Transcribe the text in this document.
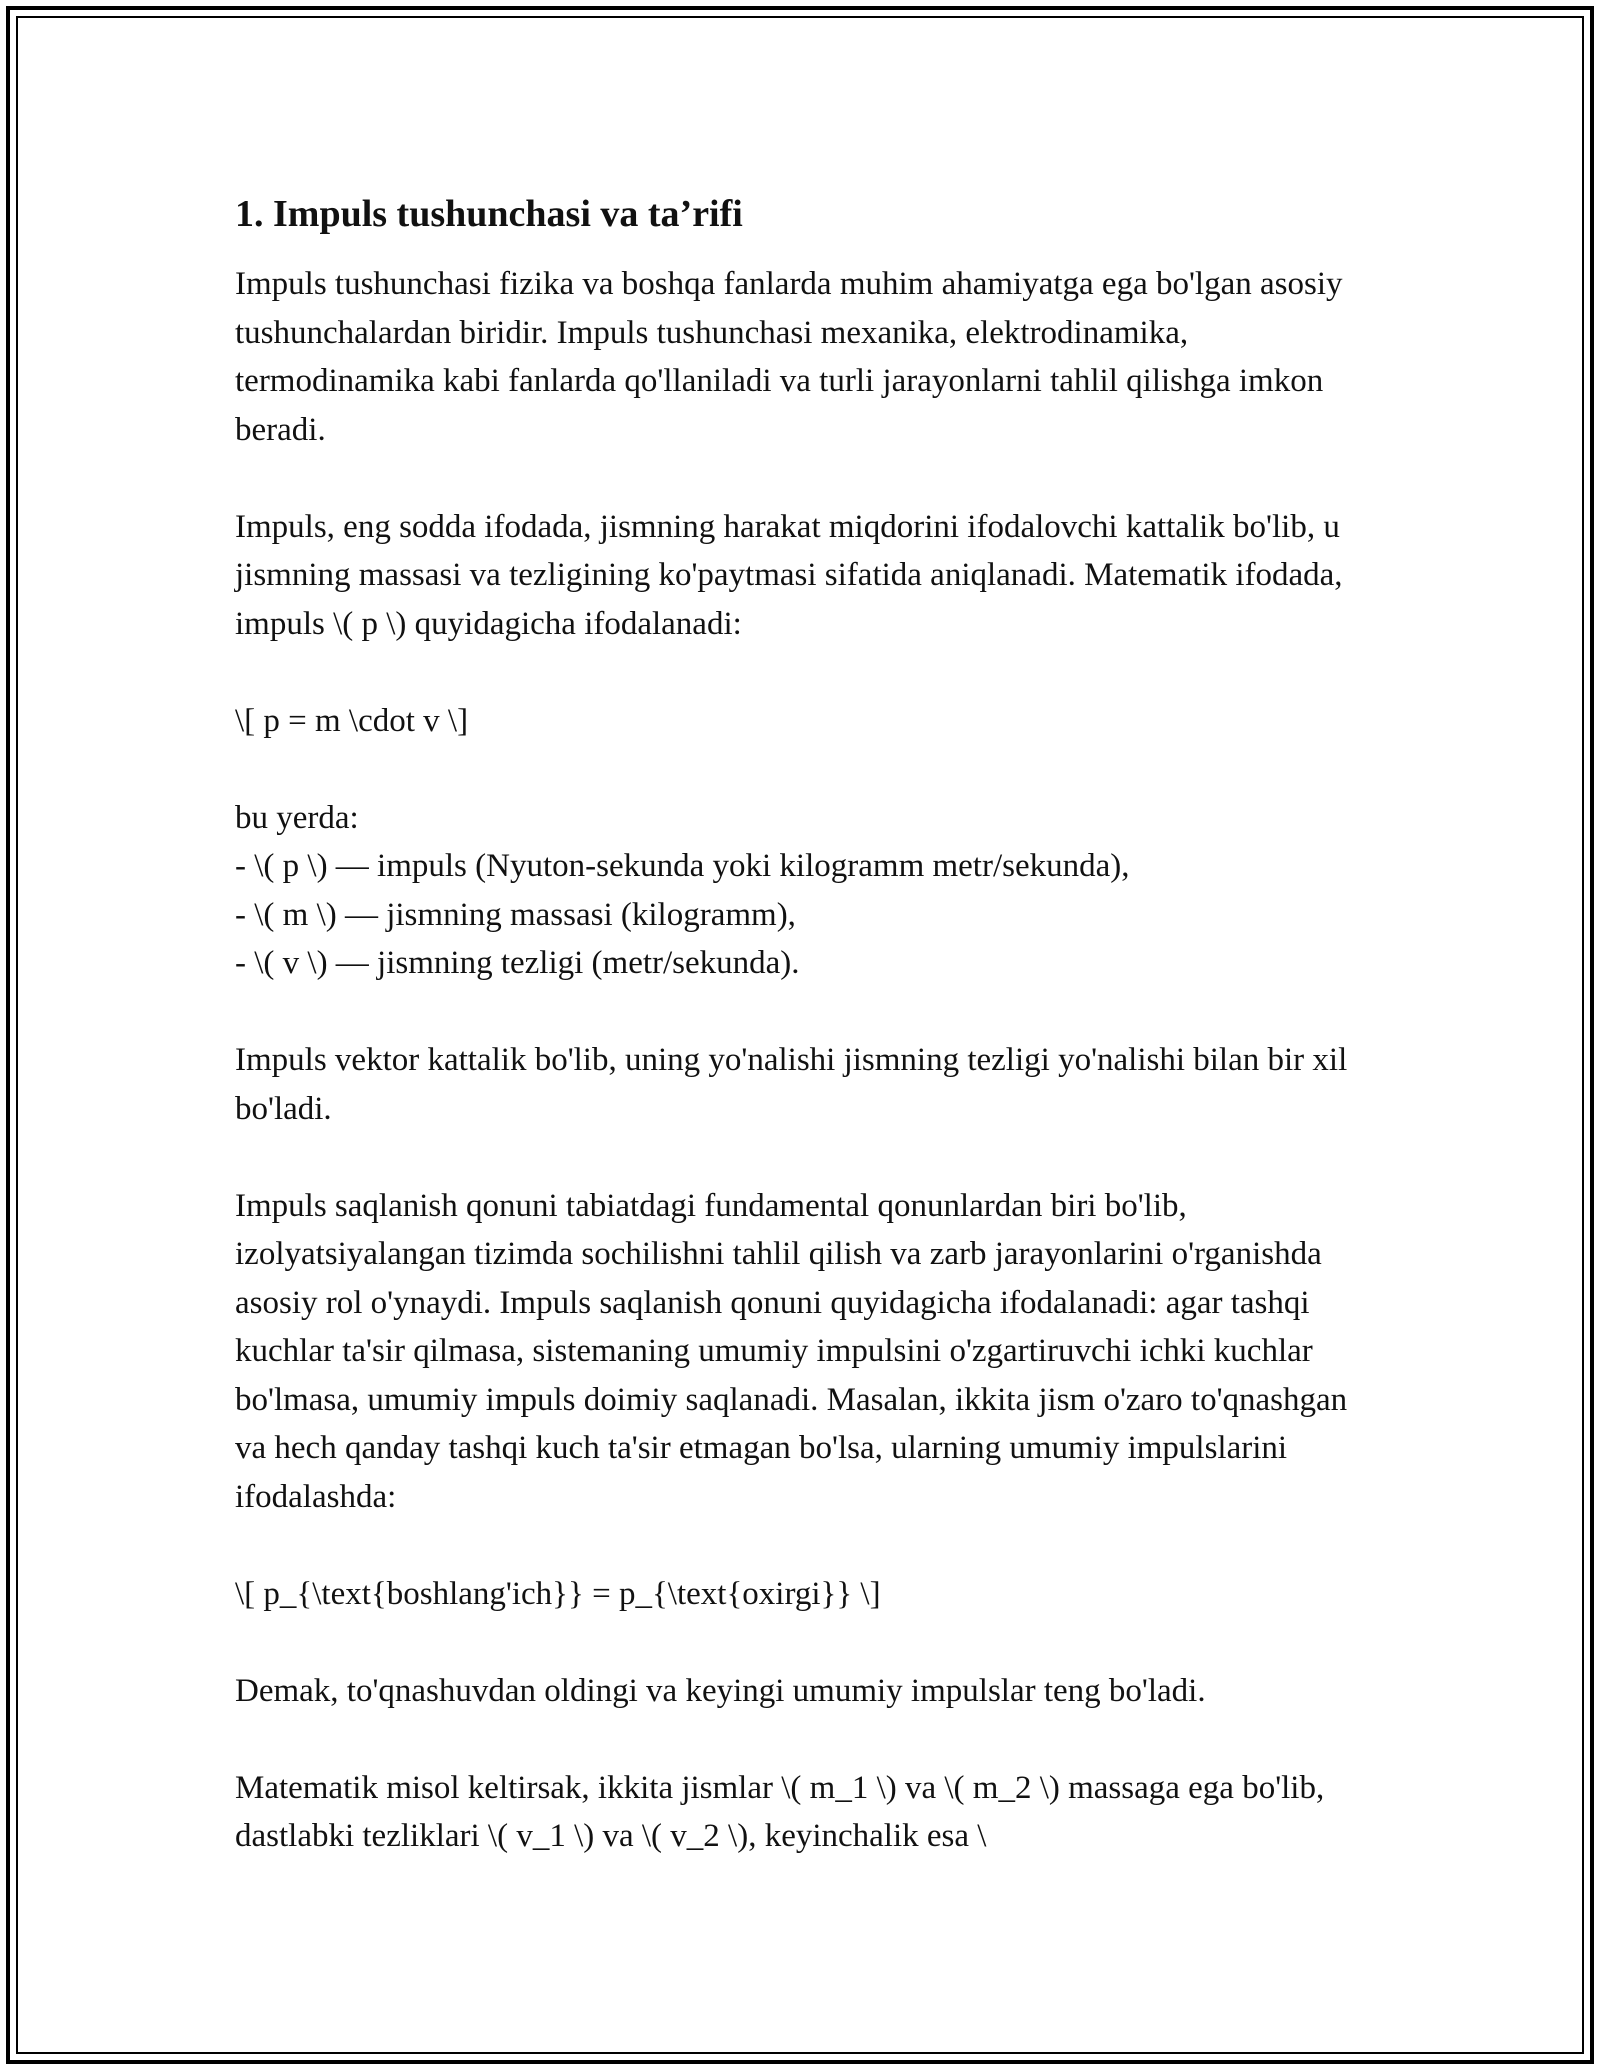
1. Impuls tushunchasi va ta’rifi

Impuls tushunchasi fizika va boshqa fanlarda muhim ahamiyatga ega bo'lgan asosiy tushunchalardan biridir. Impuls tushunchasi mexanika, elektrodinamika, termodinamika kabi fanlarda qo'llaniladi va turli jarayonlarni tahlil qilishga imkon beradi.

Impuls, eng sodda ifodada, jismning harakat miqdorini ifodalovchi kattalik bo'lib, u jismning massasi va tezligining ko'paytmasi sifatida aniqlanadi. Matematik ifodada, impuls \( p \) quyidagicha ifodalanadi:

\[ p = m \cdot v \]

bu yerda:

- \( p \) — impuls (Nyuton-sekunda yoki kilogramm metr/sekunda),

- \( m \) — jismning massasi (kilogramm),

- \( v \) — jismning tezligi (metr/sekunda).

Impuls vektor kattalik bo'lib, uning yo'nalishi jismning tezligi yo'nalishi bilan bir xil bo'ladi.

Impuls saqlanish qonuni tabiatdagi fundamental qonunlardan biri bo'lib, izolyatsiyalangan tizimda sochilishni tahlil qilish va zarb jarayonlarini o'rganishda asosiy rol o'ynaydi. Impuls saqlanish qonuni quyidagicha ifodalanadi: agar tashqi kuchlar ta'sir qilmasa, sistemaning umumiy impulsini o'zgartiruvchi ichki kuchlar bo'lmasa, umumiy impuls doimiy saqlanadi. Masalan, ikkita jism o'zaro to'qnashgan va hech qanday tashqi kuch ta'sir etmagan bo'lsa, ularning umumiy impulslarini ifodalashda:

\[ p_{\text{boshlang'ich}} = p_{\text{oxirgi}} \]

Demak, to'qnashuvdan oldingi va keyingi umumiy impulslar teng bo'ladi.

Matematik misol keltirsak, ikkita jismlar \( m_1 \) va \( m_2 \) massaga ega bo'lib, dastlabki tezliklari \( v_1 \) va \( v_2 \), keyinchalik esa \
